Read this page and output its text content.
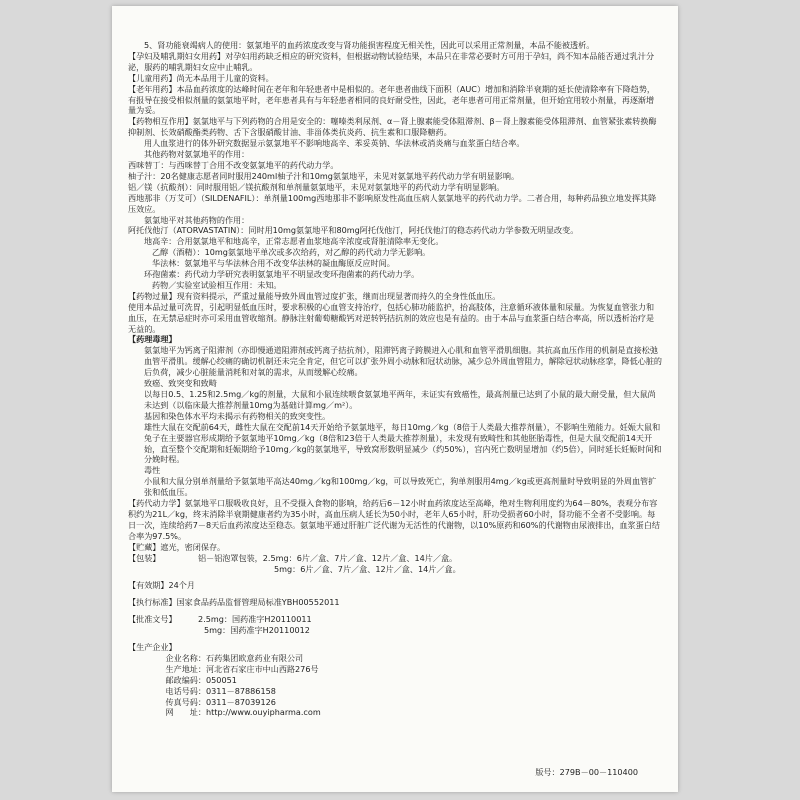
5、肾功能衰竭病人的使用：氨氯地平的血药浓度改变与肾功能损害程度无相关性，因此可以采用正常剂量，本品不能被透析。

【孕妇及哺乳期妇女用药】对孕妇用药缺乏相应的研究资料，但根据动物试验结果，本品只在非常必要时方可用于孕妇，尚不知本品能否通过乳汁分泌，服药的哺乳期妇女应中止哺乳。

【儿童用药】尚无本品用于儿童的资料。

【老年用药】本品血药浓度的达峰时间在老年和年轻患者中是相似的。老年患者曲线下面积（AUC）增加和消除半衰期的延长使清除率有下降趋势，有报导在接受相似剂量的氨氯地平时，老年患者具有与年轻患者相同的良好耐受性，因此，老年患者可用正常剂量，但开始宜用较小剂量，再逐渐增量为妥。

【药物相互作用】氨氯地平与下列药物的合用是安全的：噻嗪类利尿剂、α－肾上腺素能受体阻滞剂、β－肾上腺素能受体阻滞剂、血管紧张素转换酶抑制剂、长效硝酸酯类药物、舌下含服硝酸甘油、非甾体类抗炎药、抗生素和口服降糖药。

用人血浆进行的体外研究数据显示氨氯地平不影响地高辛、苯妥英钠、华法林或消炎痛与血浆蛋白结合率。

其他药物对氨氯地平的作用：

西咪替丁：与西咪替丁合用不改变氨氯地平的药代动力学。

柚子汁：20名健康志愿者同时服用240ml柚子汁和10mg氨氯地平，未见对氨氯地平药代动力学有明显影响。

铝／镁（抗酸剂）：同时服用铝／镁抗酸剂和单剂量氨氯地平，未见对氨氯地平的药代动力学有明显影响。

西地那非（万艾可）（SILDENAFIL）：单剂量100mg西地那非不影响原发性高血压病人氨氯地平的药代动力学。二者合用，每种药品独立地发挥其降压效应。

氨氯地平对其他药物的作用：

阿托伐他汀（ATORVASTATIN）：同时用10mg氨氯地平和80mg阿托伐他汀，阿托伐他汀的稳态药代动力学参数无明显改变。

地高辛：合用氨氯地平和地高辛，正常志愿者血浆地高辛浓度或肾脏清除率无变化。

乙醇（酒精）：10mg氨氯地平单次或多次给药，对乙醇的药代动力学无影响。

华法林：氨氯地平与华法林合用不改变华法林的凝血酶原反应时间。

环孢菌素：药代动力学研究表明氨氯地平不明显改变环孢菌素的药代动力学。

药物／实验室试验相互作用：未知。

【药物过量】现有资料提示，严重过量能导致外周血管过度扩张，继而出现显著而持久的全身性低血压。

使用本品过量可洗胃，引起明显低血压时，要求积极的心血管支持治疗，包括心肺功能监护，抬高肢体，注意循环液体量和尿量。为恢复血管张力和血压，在无禁忌症时亦可采用血管收缩剂。静脉注射葡萄糖酸钙对逆转钙拮抗剂的效应也是有益的。由于本品与血浆蛋白结合率高，所以透析治疗是无益的。

【药理毒理】

氨氯地平为钙离子阻滞剂（亦即慢通道阻滞剂或钙离子拮抗剂），阻滞钙离子跨膜进入心肌和血管平滑肌细胞。其抗高血压作用的机制是直接松弛血管平滑肌。缓解心绞痛的确切机制还未完全肯定，但它可以扩张外周小动脉和冠状动脉，减少总外周血管阻力，解除冠状动脉痉挛，降低心脏的后负荷，减少心脏能量消耗和对氧的需求，从而缓解心绞痛。

致癌、致突变和致畸

以每日0.5、1.25和2.5mg／kg的剂量，大鼠和小鼠连续喂食氨氯地平两年，未证实有致癌性，最高剂量已达到了小鼠的最大耐受量，但大鼠尚未达到（以临床最大推荐剂量10mg为基础计算mg／m²）。

基因和染色体水平均未揭示有药物相关的致突变性。

雄性大鼠在交配前64天，雌性大鼠在交配前14天开始给予氨氯地平，每日10mg／kg（8倍于人类最大推荐剂量），不影响生殖能力。妊娠大鼠和兔子在主要器官形成期给予氨氯地平10mg／kg（8倍和23倍于人类最大推荐剂量），未发现有致畸性和其他胚胎毒性，但是大鼠交配前14天开始，直至整个交配期和妊娠期给予10mg／kg的氨氯地平，导致窝形数明显减少（约50%），宫内死亡数明显增加（约5倍），同时延长妊娠时间和分娩时程。

毒性

小鼠和大鼠分别单剂量给予氨氯地平高达40mg／kg和100mg／kg，可以导致死亡，狗单剂服用4mg／kg或更高剂量时导致明显的外周血管扩张和低血压。

【药代动力学】氨氯地平口服吸收良好，且不受摄入食物的影响，给药后6－12小时血药浓度达至高峰，绝对生物利用度约为64－80%，表观分布容积约为21L／kg，终末消除半衰期健康者约为35小时，高血压病人延长为50小时，老年人65小时，肝功受损者60小时，肾功能不全者不受影响。每日一次，连续给药7－8天后血药浓度达至稳态。氨氯地平通过肝脏广泛代谢为无活性的代谢物，以10%原药和60%的代谢物由尿液排出，血浆蛋白结合率为97.5%。

【贮藏】遮光，密闭保存。

【包装】	铝－铝泡罩包装，2.5mg：6片／盒、7片／盒、12片／盒、14片／盒。
5mg：6片／盒、7片／盒、12片／盒、14片／盒。

【有效期】24个月

【执行标准】国家食品药品监督管理局标准YBH00552011

【批准文号】	2.5mg：国药准字H20110011
5mg：国药准字H20110012

【生产企业】

企业名称： 石药集团欧意药业有限公司
生产地址： 河北省石家庄市中山西路276号
邮政编码： 050051
电话号码： 0311－87886158
传真号码： 0311－87039126
网　　址： http://www.ouyipharma.com
版号：279B－00－110400
